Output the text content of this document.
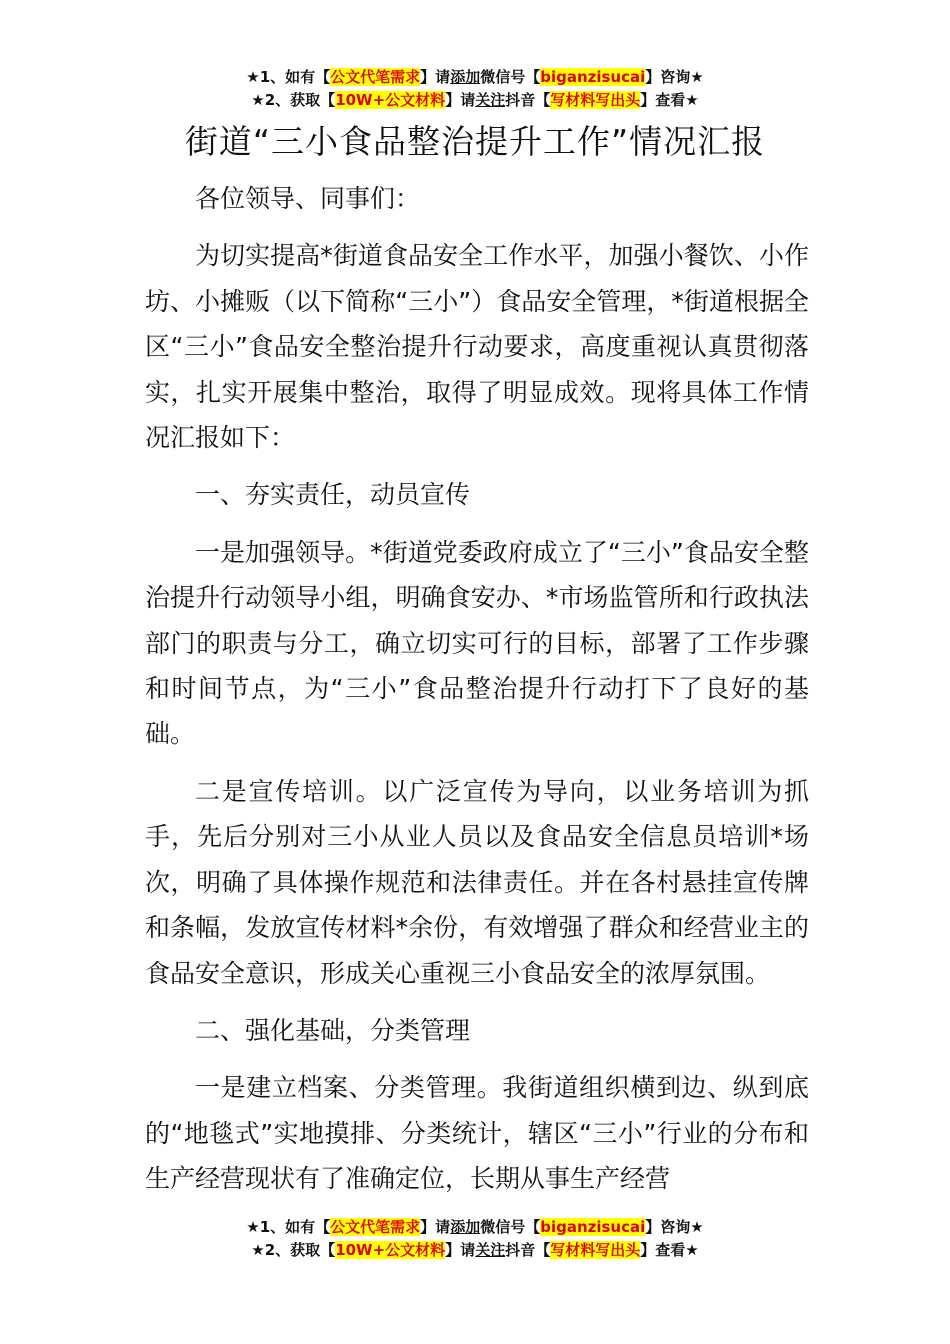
★1、如有【公文代笔需求】请添加微信号【biganzisucai】咨询★
★2、获取【10W+公文材料】请关注抖音【写材料写出头】查看★
街道“三小食品整治提升工作”情况汇报

各位领导、同事们：

为切实提高*街道食品安全工作水平，加强小餐饮、小作坊、小摊贩（以下简称“三小”）食品安全管理，*街道根据全区“三小”食品安全整治提升行动要求，高度重视认真贯彻落实，扎实开展集中整治，取得了明显成效。现将具体工作情况汇报如下：

一、夯实责任，动员宣传

一是加强领导。*街道党委政府成立了“三小”食品安全整治提升行动领导小组，明确食安办、*市场监管所和行政执法部门的职责与分工，确立切实可行的目标，部署了工作步骤和时间节点，为“三小”食品整治提升行动打下了良好的基础。

二是宣传培训。以广泛宣传为导向，以业务培训为抓手，先后分别对三小从业人员以及食品安全信息员培训*场次，明确了具体操作规范和法律责任。并在各村悬挂宣传牌和条幅，发放宣传材料*余份，有效增强了群众和经营业主的食品安全意识，形成关心重视三小食品安全的浓厚氛围。

二、强化基础，分类管理

一是建立档案、分类管理。我街道组织横到边、纵到底的“地毯式”实地摸排、分类统计，辖区“三小”行业的分布和生产经营现状有了准确定位，长期从事生产经营

★1、如有【公文代笔需求】请添加微信号【biganzisucai】咨询★
★2、获取【10W+公文材料】请关注抖音【写材料写出头】查看★
